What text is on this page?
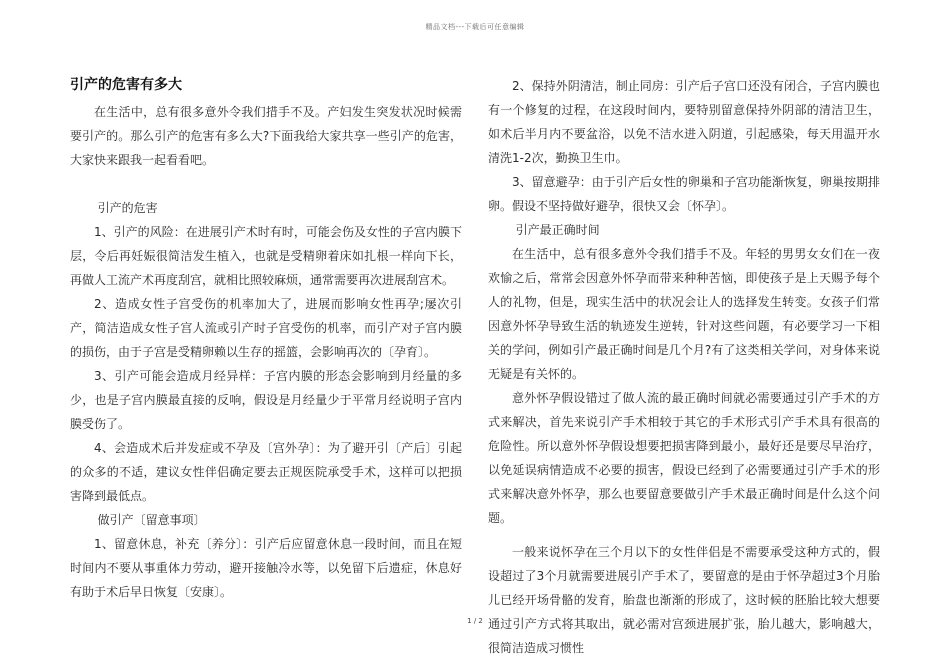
精品文档---下载后可任意编辑
引产的危害有多大

在生活中，总有很多意外令我们措手不及。产妇发生突发状况时候需要引产的。那么引产的危害有多么大?下面我给大家共享一些引产的危害，大家快来跟我一起看看吧。

引产的危害

1、引产的风险：在进展引产术时有时，可能会伤及女性的子宫内膜下层，令后再妊娠很简洁发生植入，也就是受精卵着床如扎根一样向下长，再做人工流产术再度刮宫，就相比照较麻烦，通常需要再次进展刮宫术。

2、造成女性子宫受伤的机率加大了，进展而影响女性再孕;屡次引产，简洁造成女性子宫人流或引产时子宫受伤的机率，而引产对子宫内膜的损伤，由于子宫是受精卵赖以生存的摇篮，会影响再次的〔孕育〕。

3、引产可能会造成月经异样：子宫内膜的形态会影响到月经量的多少，也是子宫内膜最直接的反响，假设是月经量少于平常月经说明子宫内膜受伤了。

4、会造成术后并发症或不孕及〔宫外孕〕：为了避开引〔产后〕引起的众多的不适，建议女性伴侣确定要去正规医院承受手术，这样可以把损害降到最低点。

做引产〔留意事项〕

1、留意休息，补充〔养分〕：引产后应留意休息一段时间，而且在短时间内不要从事重体力劳动，避开接触冷水等，以免留下后遗症，休息好有助于术后早日恢复〔安康〕。

2、保持外阴清洁，制止同房：引产后子宫口还没有闭合，子宫内膜也有一个修复的过程，在这段时间内，要特别留意保持外阴部的清洁卫生，如术后半月内不要盆浴，以免不洁水进入阴道，引起感染，每天用温开水清洗1-2次，勤换卫生巾。

3、留意避孕：由于引产后女性的卵巢和子宫功能渐恢复，卵巢按期排卵。假设不坚持做好避孕，很快又会〔怀孕〕。

引产最正确时间

在生活中，总有很多意外令我们措手不及。年轻的男男女女们在一夜欢愉之后，常常会因意外怀孕而带来种种苦恼，即使孩子是上天赐予每个人的礼物，但是，现实生活中的状况会让人的选择发生转变。女孩子们常因意外怀孕导致生活的轨迹发生逆转，针对这些问题，有必要学习一下相关的学问，例如引产最正确时间是几个月?有了这类相关学问，对身体来说无疑是有关怀的。

意外怀孕假设错过了做人流的最正确时间就必需要通过引产手术的方式来解决，首先来说引产手术相较于其它的手术形式引产手术具有很高的危险性。所以意外怀孕假设想要把损害降到最小，最好还是要尽早治疗，以免延误病情造成不必要的损害，假设已经到了必需要通过引产手术的形式来解决意外怀孕，那么也要留意要做引产手术最正确时间是什么这个问题。

一般来说怀孕在三个月以下的女性伴侣是不需要承受这种方式的，假设超过了3个月就需要进展引产手术了，要留意的是由于怀孕超过3个月胎儿已经开场骨骼的发育，胎盘也渐渐的形成了，这时候的胚胎比较大想要通过引产方式将其取出，就必需对宫颈进展扩张，胎儿越大，影响越大，很简洁造成习惯性

1 / 2
